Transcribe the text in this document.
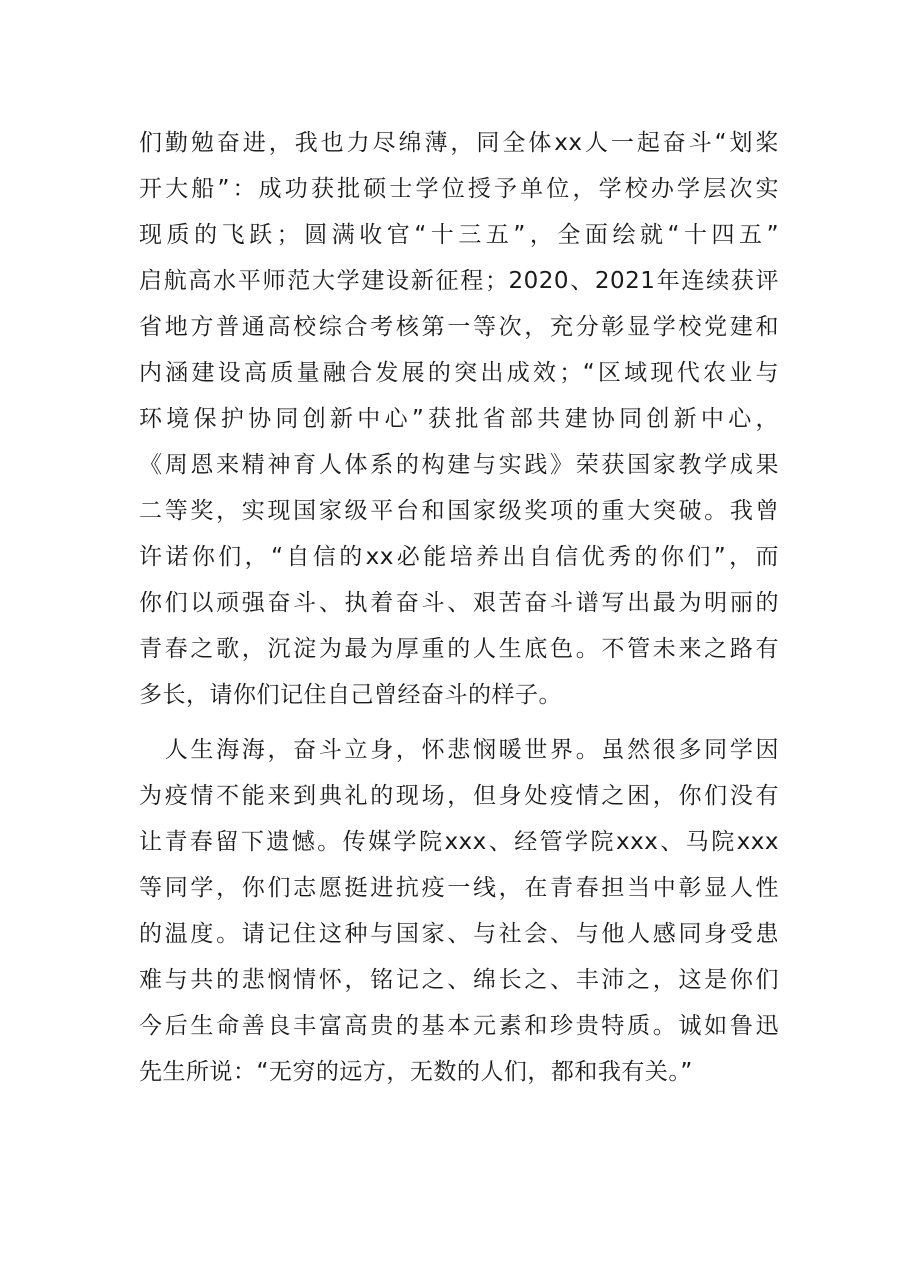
们勤勉奋进，我也力尽绵薄，同全体xx人一起奋斗“划桨
开大船”：成功获批硕士学位授予单位，学校办学层次实
现质的飞跃；圆满收官“十三五”，全面绘就“十四五”
启航高水平师范大学建设新征程；2020、2021年连续获评
省地方普通高校综合考核第一等次，充分彰显学校党建和
内涵建设高质量融合发展的突出成效；“区域现代农业与
环境保护协同创新中心”获批省部共建协同创新中心，
《周恩来精神育人体系的构建与实践》荣获国家教学成果
二等奖，实现国家级平台和国家级奖项的重大突破。我曾
许诺你们，“自信的xx必能培养出自信优秀的你们”，而
你们以顽强奋斗、执着奋斗、艰苦奋斗谱写出最为明丽的
青春之歌，沉淀为最为厚重的人生底色。不管未来之路有
多长，请你们记住自己曾经奋斗的样子。
　人生海海，奋斗立身，怀悲悯暖世界。虽然很多同学因
为疫情不能来到典礼的现场，但身处疫情之困，你们没有
让青春留下遗憾。传媒学院xxx、经管学院xxx、马院xxx
等同学，你们志愿挺进抗疫一线，在青春担当中彰显人性
的温度。请记住这种与国家、与社会、与他人感同身受患
难与共的悲悯情怀，铭记之、绵长之、丰沛之，这是你们
今后生命善良丰富高贵的基本元素和珍贵特质。诚如鲁迅
先生所说：“无穷的远方，无数的人们，都和我有关。”
